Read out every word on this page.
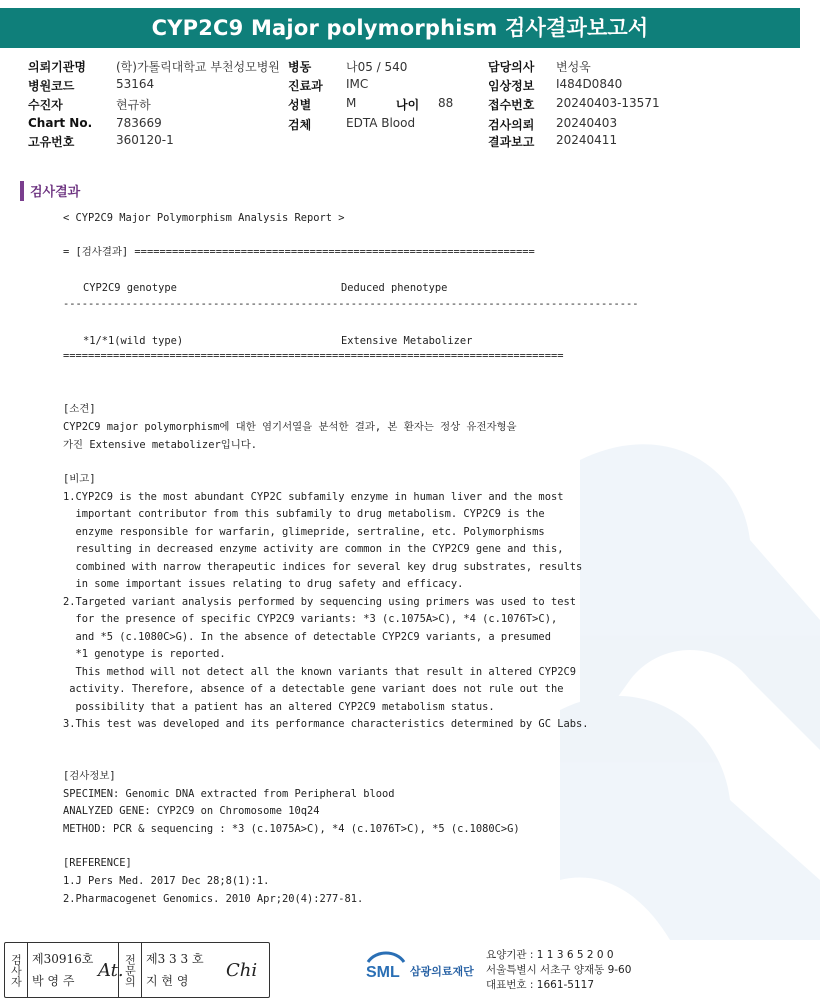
CYP2C9 Major polymorphism 검사결과보고서
의뢰기관명	(학)가톨릭대학교 부천성모병원
병원코드	53164
수진자	현규하
Chart No. 783669
고유번호	360120-1
병동	나05 / 540
진료과 IMC
성별	M	나이 88
검체	EDTA Blood
담당의사 변성욱
임상정보 I484D0840
접수번호 20240403-13571
검사의뢰 20240403
결과보고 20240411
검사결과
< CYP2C9 Major Polymorphism Analysis Report >
= [검사결과] ================================================================
CYP2C9 genotype	Deduced phenotype
--------------------------------------------------------------------------------------------
*1/*1(wild type)	Extensive Metabolizer
================================================================================
[소견]
CYP2C9 major polymorphism에 대한 염기서열을 분석한 결과, 본 환자는 정상 유전자형을
가진 Extensive metabolizer입니다.
[비고]
1.CYP2C9 is the most abundant CYP2C subfamily enzyme in human liver and the most
important contributor from this subfamily to drug metabolism. CYP2C9 is the
enzyme responsible for warfarin, glimepride, sertraline, etc. Polymorphisms
resulting in decreased enzyme activity are common in the CYP2C9 gene and this,
combined with narrow therapeutic indices for several key drug substrates, results
in some important issues relating to drug safety and efficacy.
2.Targeted variant analysis performed by sequencing using primers was used to test
for the presence of specific CYP2C9 variants: *3 (c.1075A>C), *4 (c.1076T>C),
and *5 (c.1080C>G). In the absence of detectable CYP2C9 variants, a presumed
*1 genotype is reported.
This method will not detect all the known variants that result in altered CYP2C9
activity. Therefore, absence of a detectable gene variant does not rule out the
possibility that a patient has an altered CYP2C9 metabolism status.
3.This test was developed and its performance characteristics determined by GC Labs.
[검사정보]
SPECIMEN: Genomic DNA extracted from Peripheral blood
ANALYZED GENE: CYP2C9 on Chromosome 10q24
METHOD: PCR & sequencing : *3 (c.1075A>C), *4 (c.1076T>C), *5 (c.1080C>G)
[REFERENCE]
1.J Pers Med. 2017 Dec 28;8(1):1.
2.Pharmacogenet Genomics. 2010 Apr;20(4):277-81.
검사자 제30916호
박 영 주	전문의 제3 3 3 호
지 현 영
At.	Chi	SML 삼광의료재단
요양기관 : 1 1 3 6 5 2 0 0
서울특별시 서초구 양재동 9-60
대표번호 : 1661-5117
